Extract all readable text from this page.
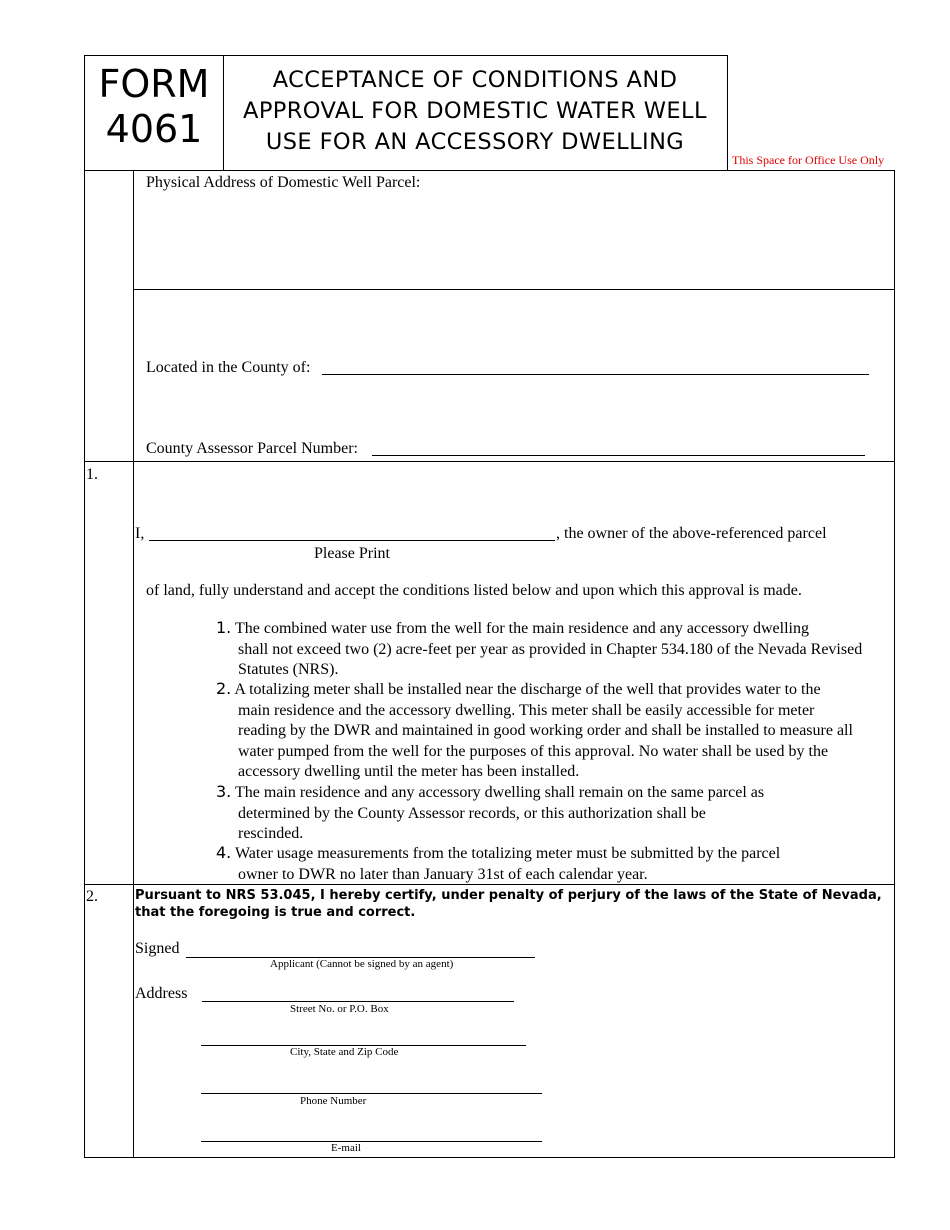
FORM
4061
ACCEPTANCE OF CONDITIONS AND
APPROVAL FOR DOMESTIC WATER WELL
USE FOR AN ACCESSORY DWELLING
This Space for Office Use Only
Physical Address of Domestic Well Parcel:
Located in the County of:
County Assessor Parcel Number:
1.
I,	, the owner of the above-referenced parcel
Please Print
of land, fully understand and accept the conditions listed below and upon which this approval is made.
1. The combined water use from the well for the main residence and any accessory dwelling
shall not exceed two (2) acre-feet per year as provided in Chapter 534.180 of the Nevada Revised Statutes (NRS).
2. A totalizing meter shall be installed near the discharge of the well that provides water to the
main residence and the accessory dwelling. This meter shall be easily accessible for meter reading by the DWR and maintained in good working order and shall be installed to measure all water pumped from the well for the purposes of this approval. No water shall be used by the accessory dwelling until the meter has been installed.
3. The main residence and any accessory dwelling shall remain on the same parcel as
determined by the County Assessor records, or this authorization shall be rescinded.
4. Water usage measurements from the totalizing meter must be submitted by the parcel
owner to DWR no later than January 31st of each calendar year.
2.	Pursuant to NRS 53.045, I hereby certify, under penalty of perjury of the laws of the State of Nevada, that the foregoing is true and correct.
Signed
Applicant (Cannot be signed by an agent)
Address
Street No. or P.O. Box
City, State and Zip Code
Phone Number
E-mail
